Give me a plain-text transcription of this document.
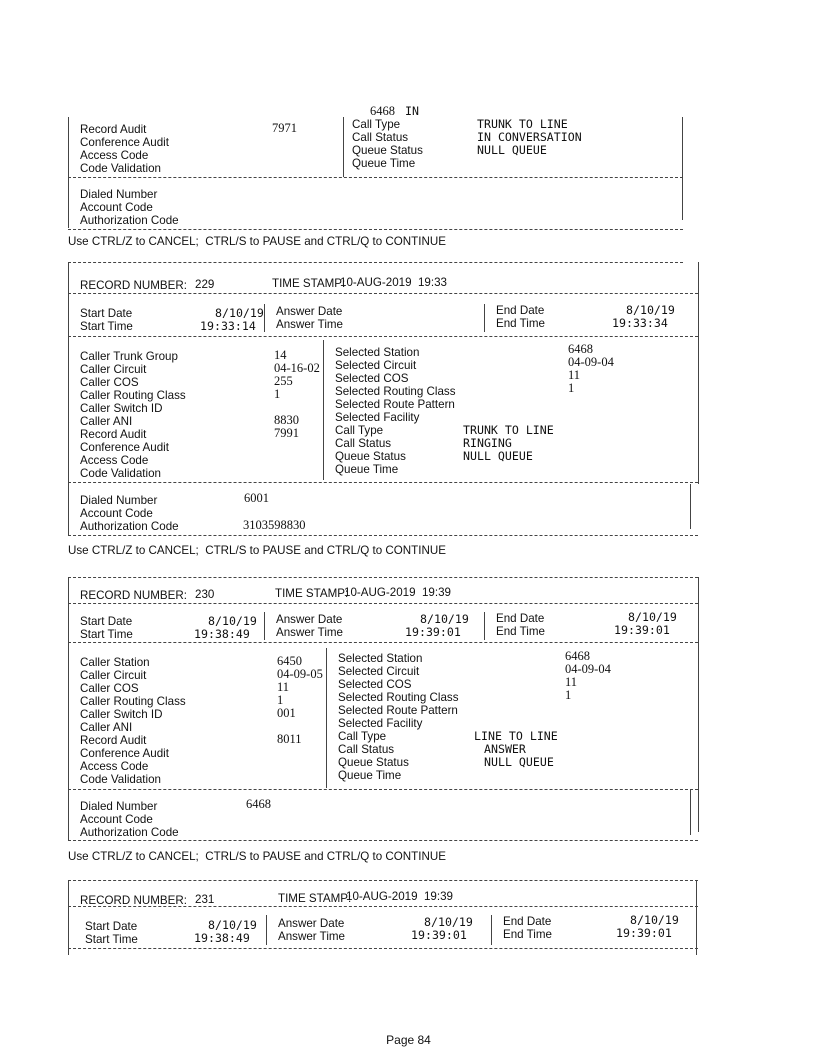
6468 IN
Record Audit	7971
Conference Audit
Access Code
Code Validation
Call Type	TRUNK TO LINE
Call Status	IN CONVERSATION
Queue Status	NULL QUEUE
Queue Time
Dialed Number
Account Code
Authorization Code
Use CTRL/Z to CANCEL;  CTRL/S to PAUSE and CTRL/Q to CONTINUE
RECORD NUMBER: 229	TIME STAMP:
10-AUG-2019  19:33
Start Date	8/10/19
Start Time	19:33:14
Answer Date
Answer Time
End Date	8/10/19
End Time	19:33:34
Caller Trunk Group	14
Caller Circuit	04-16-02
Caller COS	255
Caller Routing Class	1
Caller Switch ID
Caller ANI	8830
Record Audit	7991
Conference Audit
Access Code
Code Validation
Selected Station	6468
Selected Circuit	04-09-04
Selected COS	11
Selected Routing Class	1
Selected Route Pattern
Selected Facility
Call Type	TRUNK TO LINE
Call Status	RINGING
Queue Status	NULL QUEUE
Queue Time
Dialed Number	6001
Account Code
Authorization Code	3103598830
Use CTRL/Z to CANCEL;  CTRL/S to PAUSE and CTRL/Q to CONTINUE
RECORD NUMBER: 230	TIME STAMP:
10-AUG-2019  19:39
Start Date	8/10/19
Start Time	19:38:49
Answer Date	8/10/19
Answer Time	19:39:01
End Date	8/10/19
End Time	19:39:01
Caller Station	6450
Caller Circuit	04-09-05
Caller COS	11
Caller Routing Class	1
Caller Switch ID	001
Caller ANI
Record Audit	8011
Conference Audit
Access Code
Code Validation
Selected Station	6468
Selected Circuit	04-09-04
Selected COS	11
Selected Routing Class	1
Selected Route Pattern
Selected Facility
Call Type	LINE TO LINE
Call Status	ANSWER
Queue Status	NULL QUEUE
Queue Time
Dialed Number	6468
Account Code
Authorization Code
Use CTRL/Z to CANCEL;  CTRL/S to PAUSE and CTRL/Q to CONTINUE
RECORD NUMBER: 231	TIME STAMP:
10-AUG-2019  19:39
Start Date	8/10/19
Start Time	19:38:49
Answer Date	8/10/19
Answer Time	19:39:01
End Date	8/10/19
End Time	19:39:01
Page 84
